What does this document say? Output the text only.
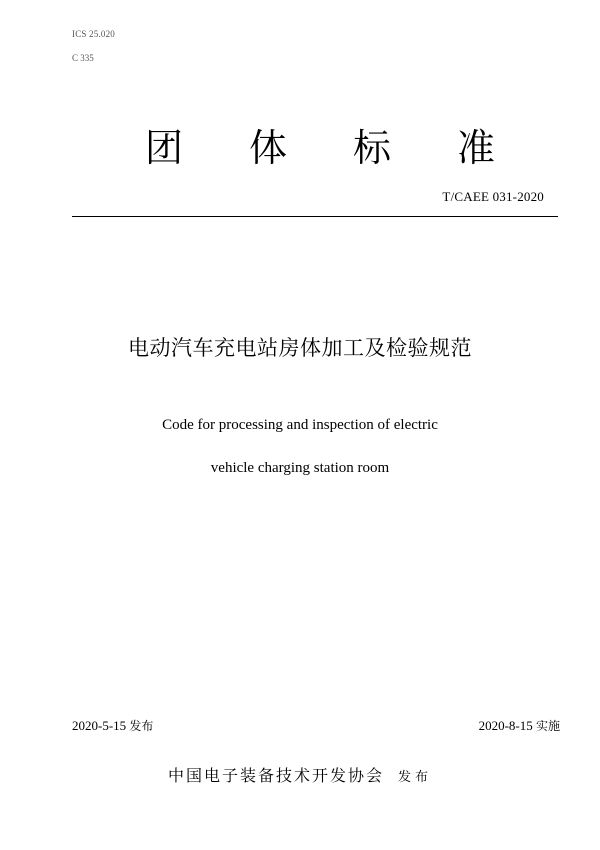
ICS 25.020
C 335
团 体 标 准
T/CAEE 031-2020
电动汽车充电站房体加工及检验规范
Code for processing and inspection of electric
vehicle charging station room
2020-5-15 发布	2020-8-15 实施
中国电子装备技术开发协会 发布
